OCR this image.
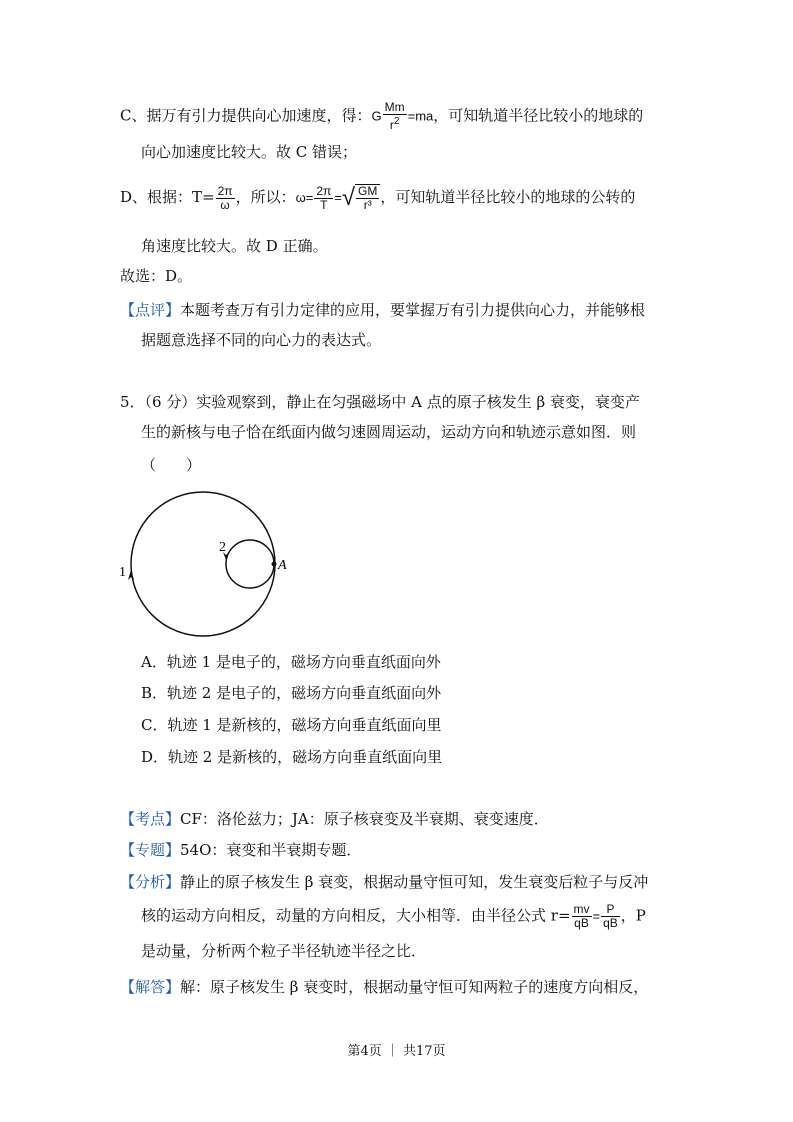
C、据万有引力提供向心加速度，得：G $\frac{Mm}{r^2} =ma$，可知轨道半径比较小的地球的
向心加速度比较大。故 C 错误；
D、根据：$T= \frac{2\pi}{\omega}$ ，所以：$\omega= \frac{2\pi}{T}$ =√ $\frac{GM}{\text{r³}}$ ，可知轨道半径比较小的地球的公转的
角速度比较大。故 D 正确。
故选：D。
【点评】本题考查万有引力定律的应用，要掌握万有引力提供向心力，并能够根
据题意选择不同的向心力的表达式。
5．（6 分）实验观察到，静止在匀强磁场中 A 点的原子核发生 β 衰变，衰变产
生的新核与电子恰在纸面内做匀速圆周运动，运动方向和轨迹示意如图．则
（　　）
1
2
A
A．轨迹 1 是电子的，磁场方向垂直纸面向外
B．轨迹 2 是电子的，磁场方向垂直纸面向外
C．轨迹 1 是新核的，磁场方向垂直纸面向里
D．轨迹 2 是新核的，磁场方向垂直纸面向里
【考点】CF：洛伦兹力；JA：原子核衰变及半衰期、衰变速度．
【专题】54O：衰变和半衰期专题．
【分析】静止的原子核发生 β 衰变，根据动量守恒可知，发生衰变后粒子与反冲
核的运动方向相反，动量的方向相反，大小相等．由半径公式 $r= \frac{mv}{qB} = \frac{P}{qB}$ ，P
是动量，分析两个粒子半径轨迹半径之比．
【解答】解：原子核发生 β 衰变时，根据动量守恒可知两粒子的速度方向相反，
第4页 ｜ 共17页
